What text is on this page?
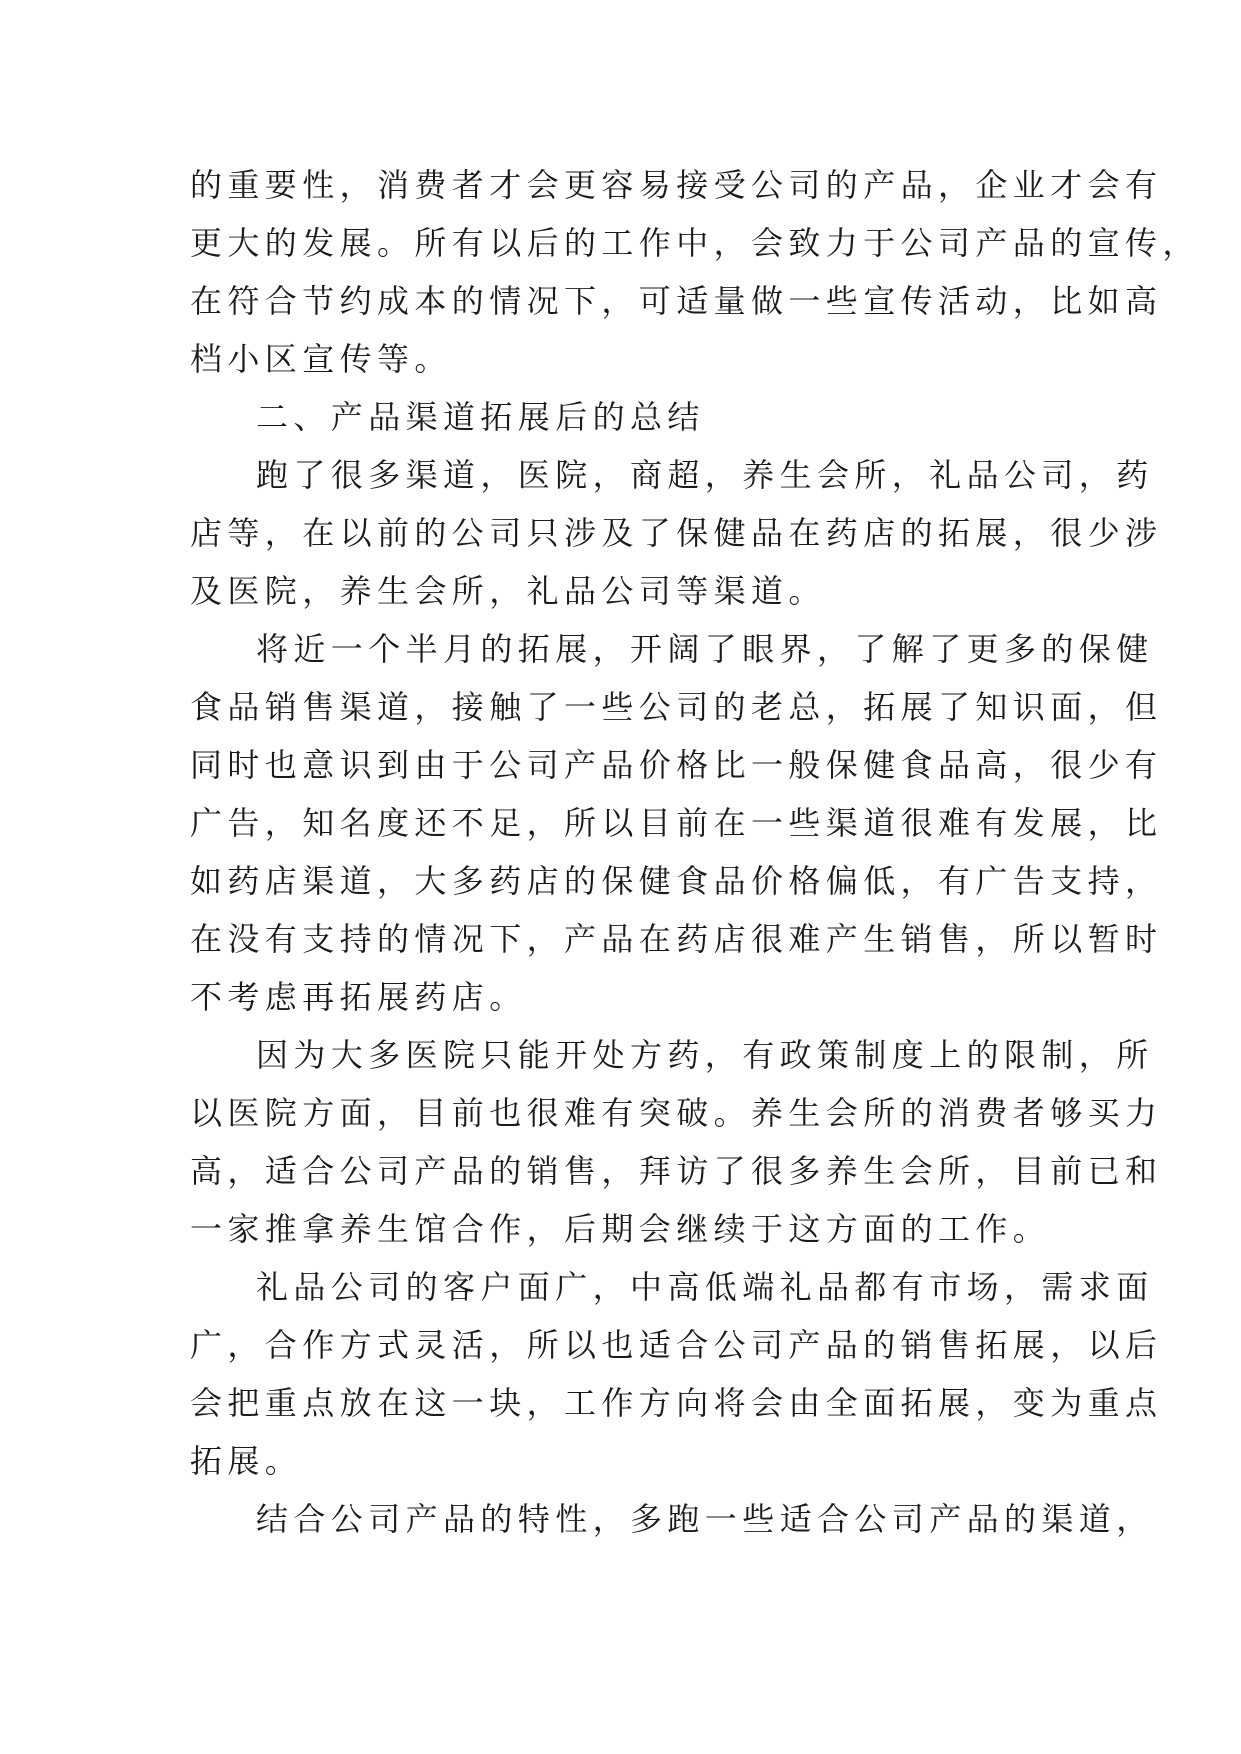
的重要性，消费者才会更容易接受公司的产品，企业才会有
更大的发展。所有以后的工作中，会致力于公司产品的宣传，
在符合节约成本的情况下，可适量做一些宣传活动，比如高
档小区宣传等。
二、产品渠道拓展后的总结
跑了很多渠道，医院，商超，养生会所，礼品公司，药
店等，在以前的公司只涉及了保健品在药店的拓展，很少涉
及医院，养生会所，礼品公司等渠道。
将近一个半月的拓展，开阔了眼界，了解了更多的保健
食品销售渠道，接触了一些公司的老总，拓展了知识面，但
同时也意识到由于公司产品价格比一般保健食品高，很少有
广告，知名度还不足，所以目前在一些渠道很难有发展，比
如药店渠道，大多药店的保健食品价格偏低，有广告支持，
在没有支持的情况下，产品在药店很难产生销售，所以暂时
不考虑再拓展药店。
因为大多医院只能开处方药，有政策制度上的限制，所
以医院方面，目前也很难有突破。养生会所的消费者够买力
高，适合公司产品的销售，拜访了很多养生会所，目前已和
一家推拿养生馆合作，后期会继续于这方面的工作。
礼品公司的客户面广，中高低端礼品都有市场，需求面
广，合作方式灵活，所以也适合公司产品的销售拓展，以后
会把重点放在这一块，工作方向将会由全面拓展，变为重点
拓展。
结合公司产品的特性，多跑一些适合公司产品的渠道，
